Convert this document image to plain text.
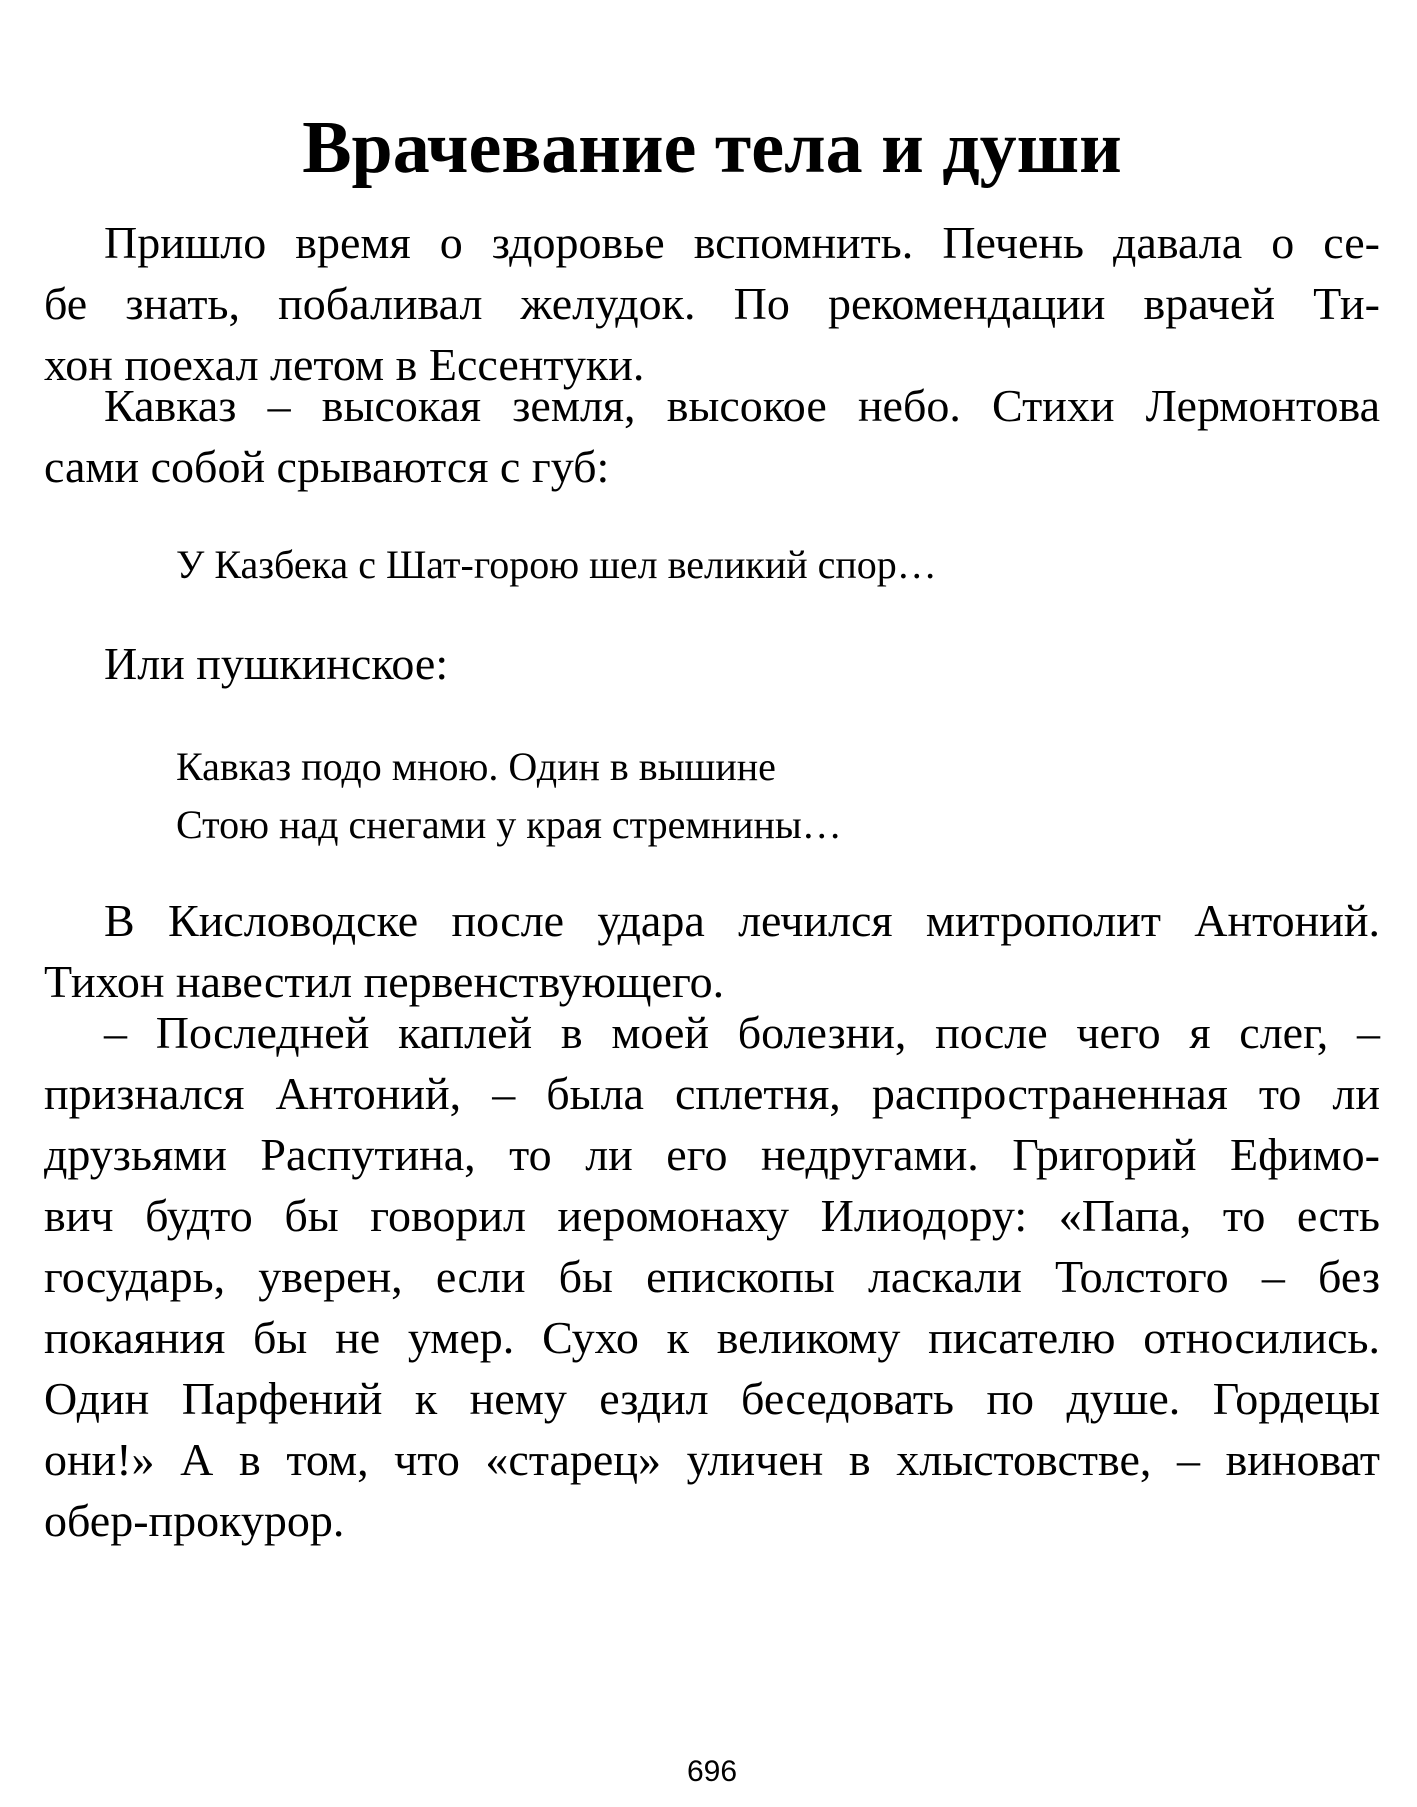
Врачевание тела и души

Пришло время о здоровье вспомнить. Печень давала о се-
бе знать, побаливал желудок. По рекомендации врачей Ти-
хон поехал летом в Ессентуки.

Кавказ – высокая земля, высокое небо. Стихи Лермонтова
сами собой срываются с губ:

У Казбека с Шат-горою шел великий спор…

Или пушкинское:

Кавказ подо мною. Один в вышине
Стою над снегами у края стремнины…

В Кисловодске после удара лечился митрополит Антоний.
Тихон навестил первенствующего.

– Последней каплей в моей болезни, после чего я слег, –
признался Антоний, – была сплетня, распространенная то ли
друзьями Распутина, то ли его недругами. Григорий Ефимо-
вич будто бы говорил иеромонаху Илиодору: «Папа, то есть
государь, уверен, если бы епископы ласкали Толстого – без
покаяния бы не умер. Сухо к великому писателю относились.
Один Парфений к нему ездил беседовать по душе. Гордецы
они!» А в том, что «старец» уличен в хлыстовстве, – виноват
обер-прокурор.

696
